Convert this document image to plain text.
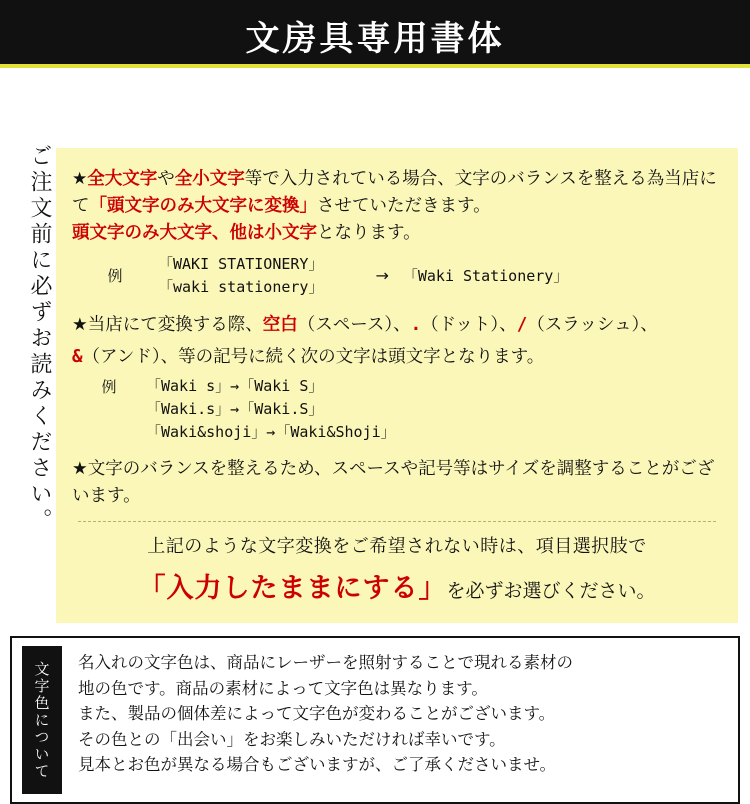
文房具専用書体
ご注文前に必ずお読みください。 ★全大文字や全小文字等で入力されている場合、文字のバランスを整える為当店にて「頭文字のみ大文字に変換」させていただきます。
頭文字のみ大文字、他は小文字となります。
例
「WAKI STATIONERY」
「waki stationery」
→ 「Waki Stationery」
★当店にて変換する際、空白（スペース）、.（ドット）、/（スラッシュ）、
&（アンド）、等の記号に続く次の文字は頭文字となります。
例	「Waki s」→「Waki S」
「Waki.s」→「Waki.S」
「Waki&shoji」→「Waki&Shoji」
★文字のバランスを整えるため、スペースや記号等はサイズを調整することがございます。
上記のような文字変換をご希望されない時は、項目選択肢で
「入力したままにする」を必ずお選びください。
文字色について	名入れの文字色は、商品にレーザーを照射することで現れる素材の
地の色です。商品の素材によって文字色は異なります。
また、製品の個体差によって文字色が変わることがございます。
その色との「出会い」をお楽しみいただければ幸いです。
見本とお色が異なる場合もございますが、ご了承くださいませ。
